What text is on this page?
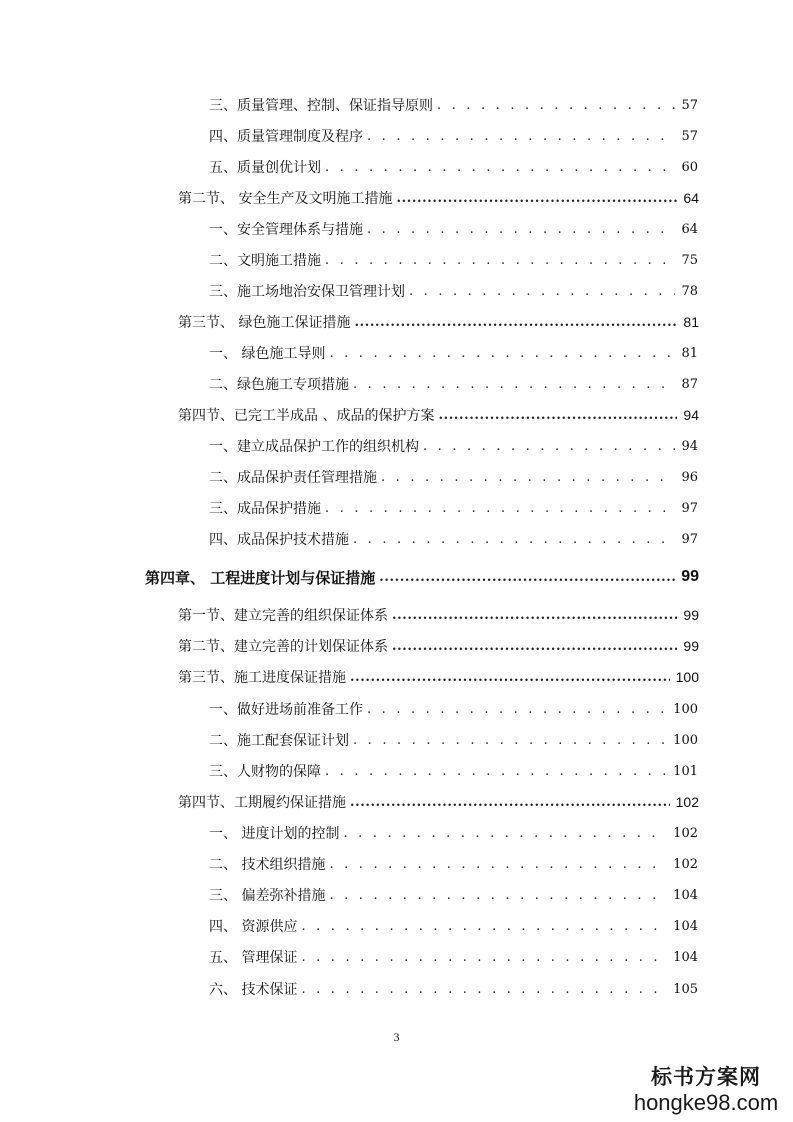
三、质量管理、控制、保证指导原则 . . .	57
四、质量管理制度及程序 . . .	57
五、质量创优计划 . . .	60
第二节、 安全生产及文明施工措施 .....	64
一、安全管理体系与措施 . . .	64
二、文明施工措施 . . .	75
三、施工场地治安保卫管理计划 . . .	78
第三节、 绿色施工保证措施 .....	81
一、 绿色施工导则 . . .	81
二、绿色施工专项措施 . . .	87
第四节、已完工半成品 、成品的保护方案 .....	94
一、建立成品保护工作的组织机构 . . .	94
二、成品保护责任管理措施 . . .	96
三、成品保护措施 . . .	97
四、成品保护技术措施 . . .	97
第四章、 工程进度计划与保证措施 .....	99
第一节、建立完善的组织保证体系 .....	99
第二节、建立完善的计划保证体系 .....	99
第三节、施工进度保证措施 .....	100
一、做好进场前准备工作 . . .	100
二、施工配套保证计划 . . .	100
三、人财物的保障 . . .	101
第四节、工期履约保证措施 .....	102
一、 进度计划的控制 . . .	102
二、 技术组织措施 . . .	102
三、 偏差弥补措施 . . .	104
四、 资源供应 . . .	104
五、 管理保证 . . .	104
六、 技术保证 . . .	105
3
标书方案网
hongke98.com
